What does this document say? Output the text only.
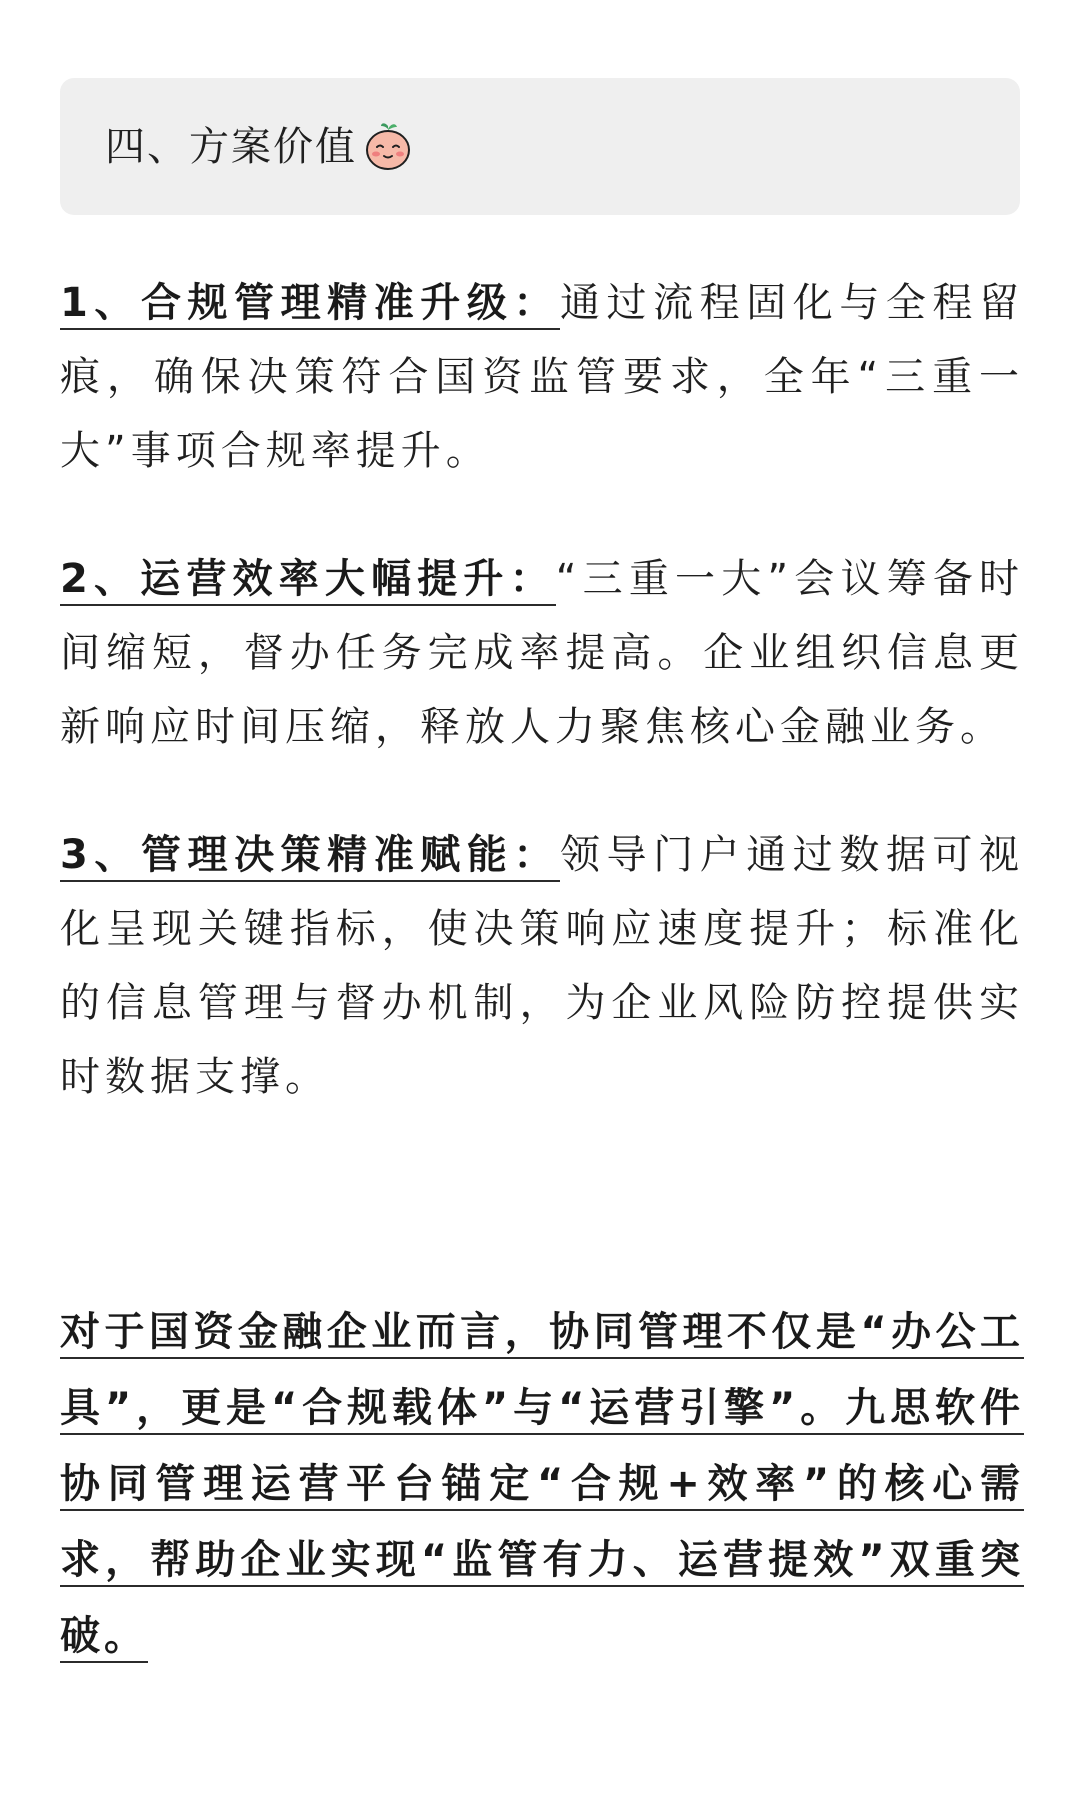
四、方案价值
1、合规管理精准升级：通过流程固化与全程留痕，确保决策符合国资监管要求，全年“三重一大”事项合规率提升。
2、运营效率大幅提升：“三重一大”会议筹备时间缩短，督办任务完成率提高。企业组织信息更新响应时间压缩，释放人力聚焦核心金融业务。
3、管理决策精准赋能：领导门户通过数据可视化呈现关键指标，使决策响应速度提升；标准化的信息管理与督办机制，为企业风险防控提供实时数据支撑。
对于国资金融企业而言，协同管理不仅是“办公工具”，更是“合规载体”与“运营引擎”。九思软件协同管理运营平台锚定“合规+效率”的核心需求，帮助企业实现“监管有力、运营提效”双重突破。
